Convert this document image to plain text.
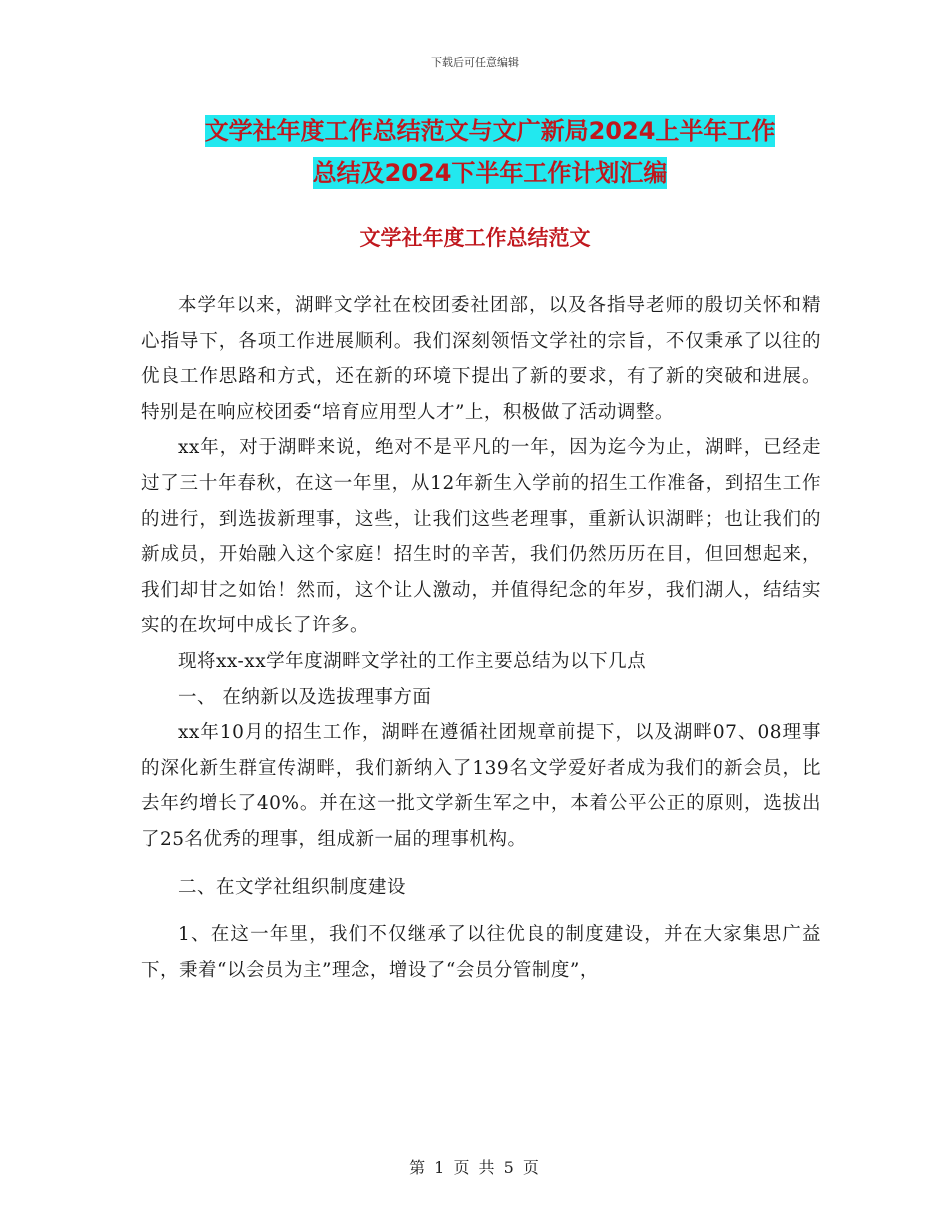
下载后可任意编辑
文学社年度工作总结范文与文广新局2024上半年工作
总结及2024下半年工作计划汇编
文学社年度工作总结范文

本学年以来，湖畔文学社在校团委社团部，以及各指导老师的殷切关怀和精心指导下，各项工作进展顺利。我们深刻领悟文学社的宗旨，不仅秉承了以往的优良工作思路和方式，还在新的环境下提出了新的要求，有了新的突破和进展。特别是在响应校团委“培育应用型人才”上，积极做了活动调整。

xx年，对于湖畔来说，绝对不是平凡的一年，因为迄今为止，湖畔，已经走过了三十年春秋，在这一年里，从12年新生入学前的招生工作准备，到招生工作的进行，到选拔新理事，这些，让我们这些老理事，重新认识湖畔；也让我们的新成员，开始融入这个家庭！招生时的辛苦，我们仍然历历在目，但回想起来，我们却甘之如饴！然而，这个让人激动，并值得纪念的年岁，我们湖人，结结实实的在坎坷中成长了许多。

现将xx-xx学年度湖畔文学社的工作主要总结为以下几点

一、 在纳新以及选拔理事方面

xx年10月的招生工作，湖畔在遵循社团规章前提下，以及湖畔07、08理事的深化新生群宣传湖畔，我们新纳入了139名文学爱好者成为我们的新会员，比去年约增长了40%。并在这一批文学新生军之中，本着公平公正的原则，选拔出了25名优秀的理事，组成新一届的理事机构。

二、在文学社组织制度建设

1、在这一年里，我们不仅继承了以往优良的制度建设，并在大家集思广益下，秉着“以会员为主”理念，增设了“会员分管制度”，

第 1 页 共 5 页
